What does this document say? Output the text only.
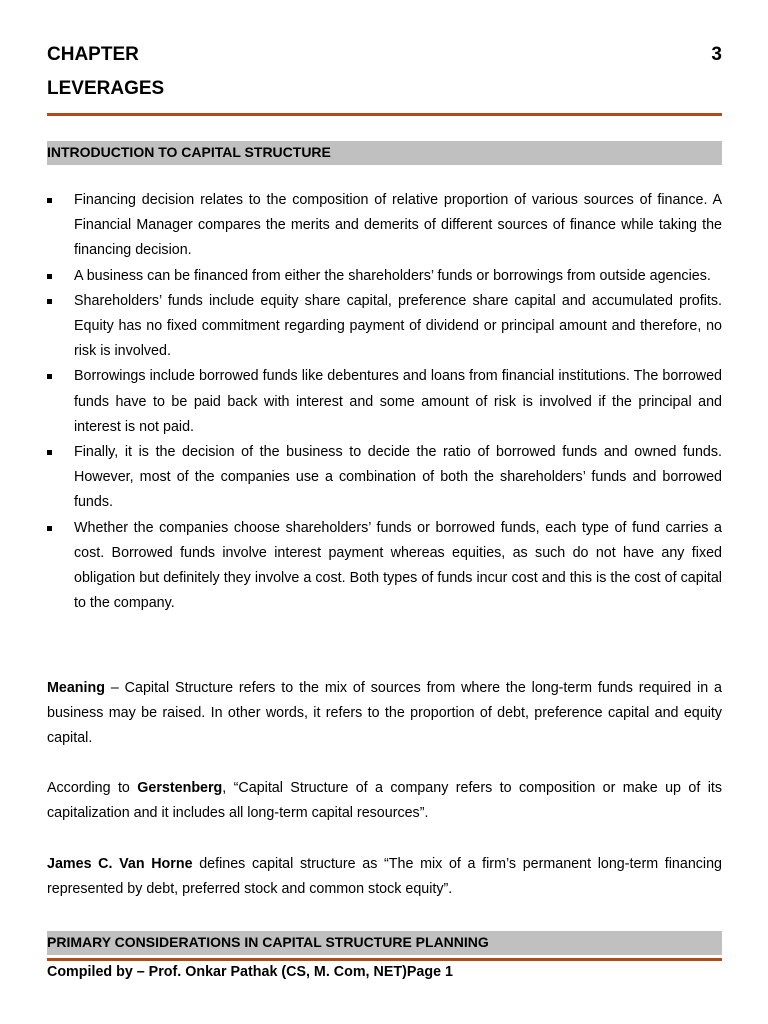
CHAPTER	3
LEVERAGES
INTRODUCTION TO CAPITAL STRUCTURE
Financing decision relates to the composition of relative proportion of various sources of finance. A Financial Manager compares the merits and demerits of different sources of finance while taking the financing decision.
A business can be financed from either the shareholders’ funds or borrowings from outside agencies.
Shareholders’ funds include equity share capital, preference share capital and accumulated profits. Equity has no fixed commitment regarding payment of dividend or principal amount and therefore, no risk is involved.
Borrowings include borrowed funds like debentures and loans from financial institutions. The borrowed funds have to be paid back with interest and some amount of risk is involved if the principal and interest is not paid.
Finally, it is the decision of the business to decide the ratio of borrowed funds and owned funds. However, most of the companies use a combination of both the shareholders’ funds and borrowed funds.
Whether the companies choose shareholders’ funds or borrowed funds, each type of fund carries a cost. Borrowed funds involve interest payment whereas equities, as such do not have any fixed obligation but definitely they involve a cost. Both types of funds incur cost and this is the cost of capital to the company.

Meaning – Capital Structure refers to the mix of sources from where the long-term funds required in a business may be raised. In other words, it refers to the proportion of debt, preference capital and equity capital.

According to Gerstenberg, “Capital Structure of a company refers to composition or make up of its capitalization and it includes all long-term capital resources”.

James C. Van Horne defines capital structure as “The mix of a firm’s permanent long-term financing represented by debt, preferred stock and common stock equity”.

PRIMARY CONSIDERATIONS IN CAPITAL STRUCTURE PLANNING
Compiled by – Prof. Onkar Pathak (CS, M. Com, NET)Page 1
